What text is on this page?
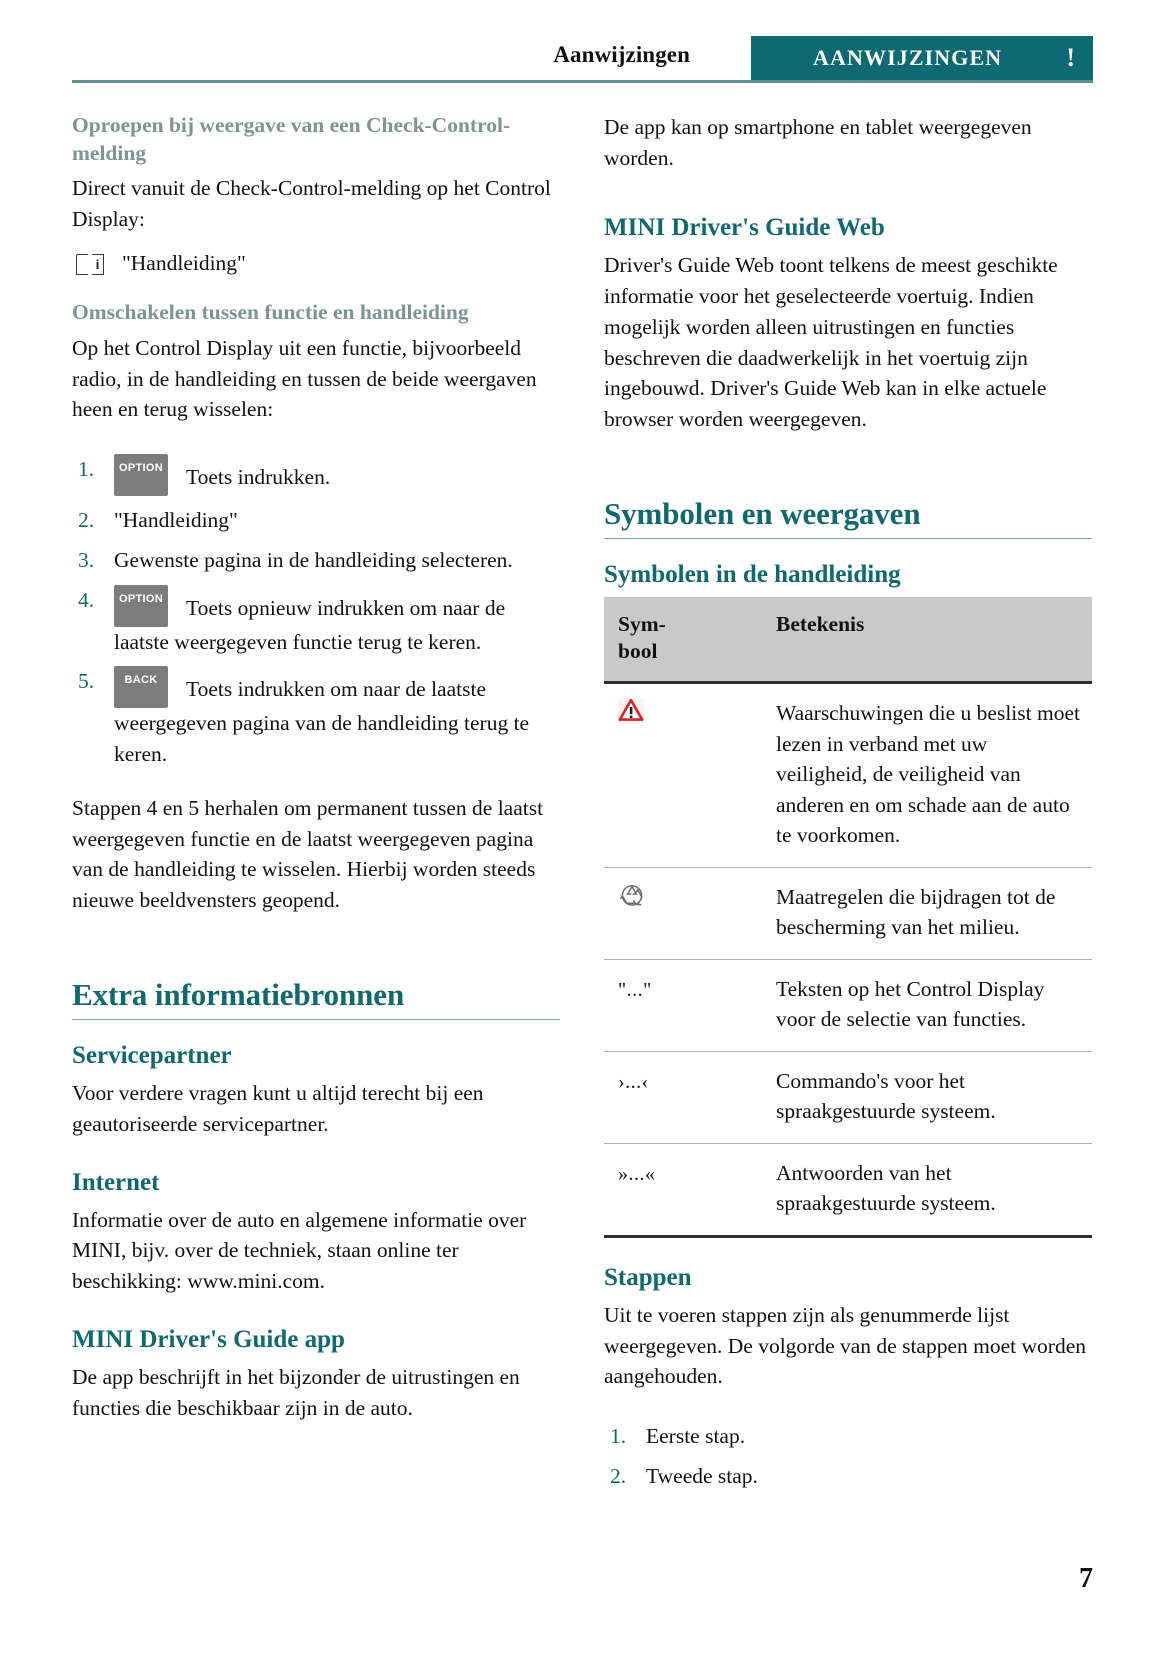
Aanwijzingen	AANWIJZINGEN !
Oproepen bij weergave van een Check-Control-melding

Direct vanuit de Check-Control-melding op het Control Display:

i "Handleiding"
Omschakelen tussen functie en handleiding

Op het Control Display uit een functie, bijvoorbeeld radio, in de handleiding en tussen de beide weergaven heen en terug wisselen:

1.	OPTION Toets indrukken.
2. "Handleiding"
3. Gewenste pagina in de handleiding selecteren.
4.	OPTION Toets opnieuw indrukken om naar de laatste weergegeven functie terug te keren.
5.	BACK	Toets indrukken om naar de laatste weergegeven pagina van de handleiding terug te keren.

Stappen 4 en 5 herhalen om permanent tussen de laatst weergegeven functie en de laatst weergegeven pagina van de handleiding te wisselen. Hierbij worden steeds nieuwe beeldvensters geopend.

Extra informatiebronnen
Servicepartner

Voor verdere vragen kunt u altijd terecht bij een geautoriseerde servicepartner.

Internet

Informatie over de auto en algemene informatie over MINI, bijv. over de techniek, staan online ter beschikking: www.mini.com.

MINI Driver's Guide app

De app beschrijft in het bijzonder de uitrustingen en functies die beschikbaar zijn in de auto.

De app kan op smartphone en tablet weergegeven worden.

MINI Driver's Guide Web

Driver's Guide Web toont telkens de meest geschikte informatie voor het geselecteerde voertuig. Indien mogelijk worden alleen uitrustingen en functies beschreven die daadwerkelijk in het voertuig zijn ingebouwd. Driver's Guide Web kan in elke actuele browser worden weergegeven.

Symbolen en weergaven
Symbolen in de handleiding
Sym-
bool	Betekenis

	Waarschuwingen die u beslist moet lezen in verband met uw veiligheid, de veiligheid van anderen en om schade aan de auto te voorkomen.

	Maatregelen die bijdragen tot de bescherming van het milieu.
"..."	Teksten op het Control Display voor de selectie van functies.
›...‹	Commando's voor het spraakgestuurde systeem.
»...«	Antwoorden van het spraakgestuurde systeem.
Stappen

Uit te voeren stappen zijn als genummerde lijst weergegeven. De volgorde van de stappen moet worden aangehouden.

1. Eerste stap.
2. Tweede stap.
7
